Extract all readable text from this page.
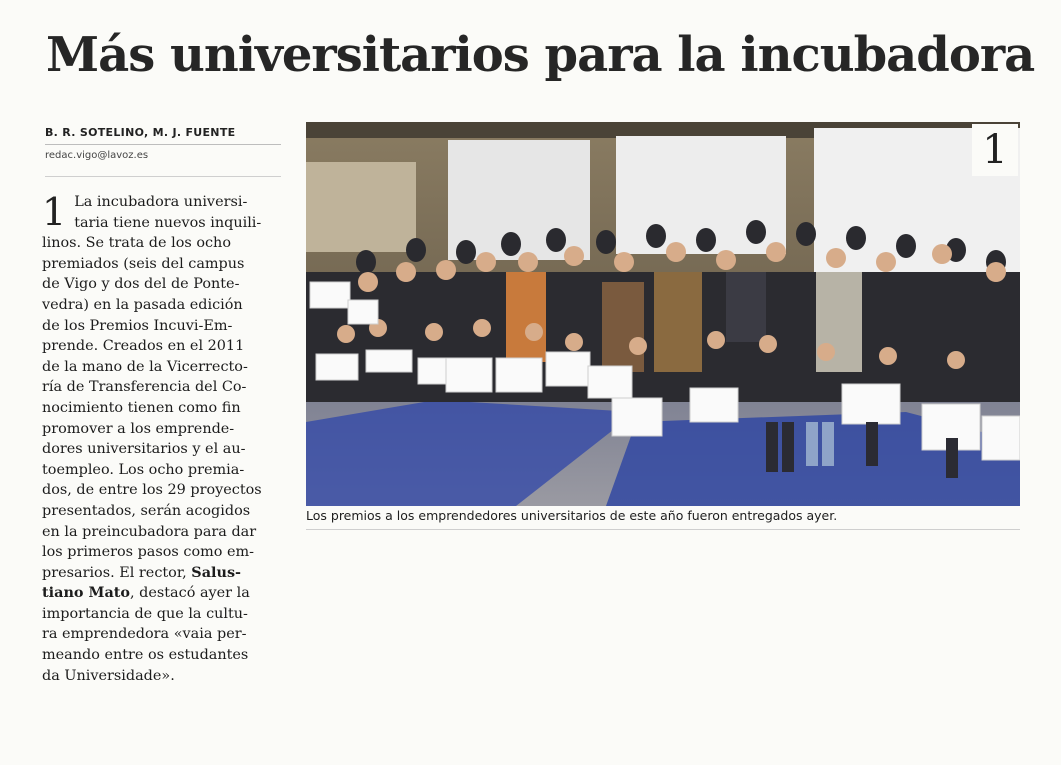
Más universitarios para la incubadora
B. R. SOTELINO, M. J. FUENTE
redac.vigo@lavoz.es
1 La incubadora universi-
taria tiene nuevos inquili-
linos. Se trata de los ocho
premiados (seis del campus
de Vigo y dos del de Ponte-
vedra) en la pasada edición
de los Premios Incuvi-Em-
prende. Creados en el 2011
de la mano de la Vicerrecto-
ría de Transferencia del Co-
nocimiento tienen como fin
promover a los emprende-
dores universitarios y el au-
toempleo. Los ocho premia-
dos, de entre los 29 proyectos
presentados, serán acogidos
en la preincubadora para dar
los primeros pasos como em-
presarios. El rector, Salus-
tiano Mato, destacó ayer la
importancia de que la cultu-
ra emprendedora «vaia per-
meando entre os estudantes
da Universidade».
1
Los premios a los emprendedores universitarios de este año fueron entregados ayer.
